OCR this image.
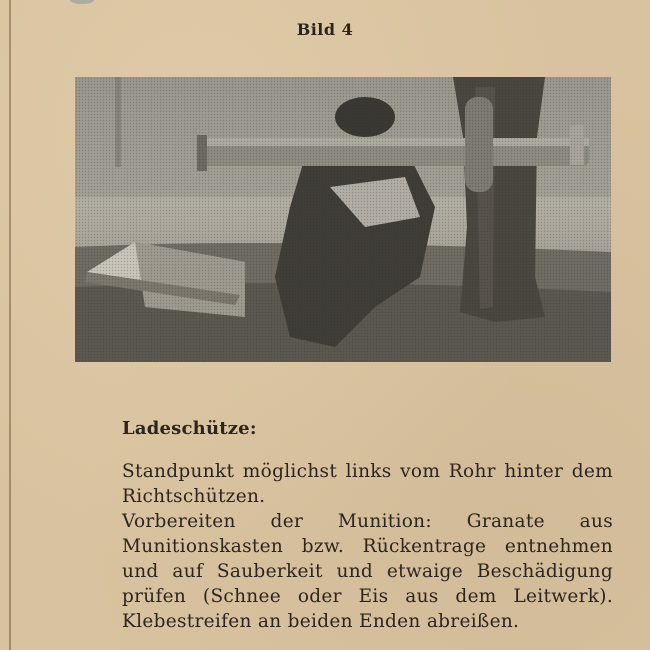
Bild 4

Ladeschütze:

Standpunkt möglichst links vom Rohr hinter dem Richtschützen.

Vorbereiten der Munition: Granate aus Munitionskasten bzw. Rückentrage entnehmen und auf Sauberkeit und etwaige Beschädigung prüfen (Schnee oder Eis aus dem Leitwerk). Klebestreifen an beiden Enden abreißen.
